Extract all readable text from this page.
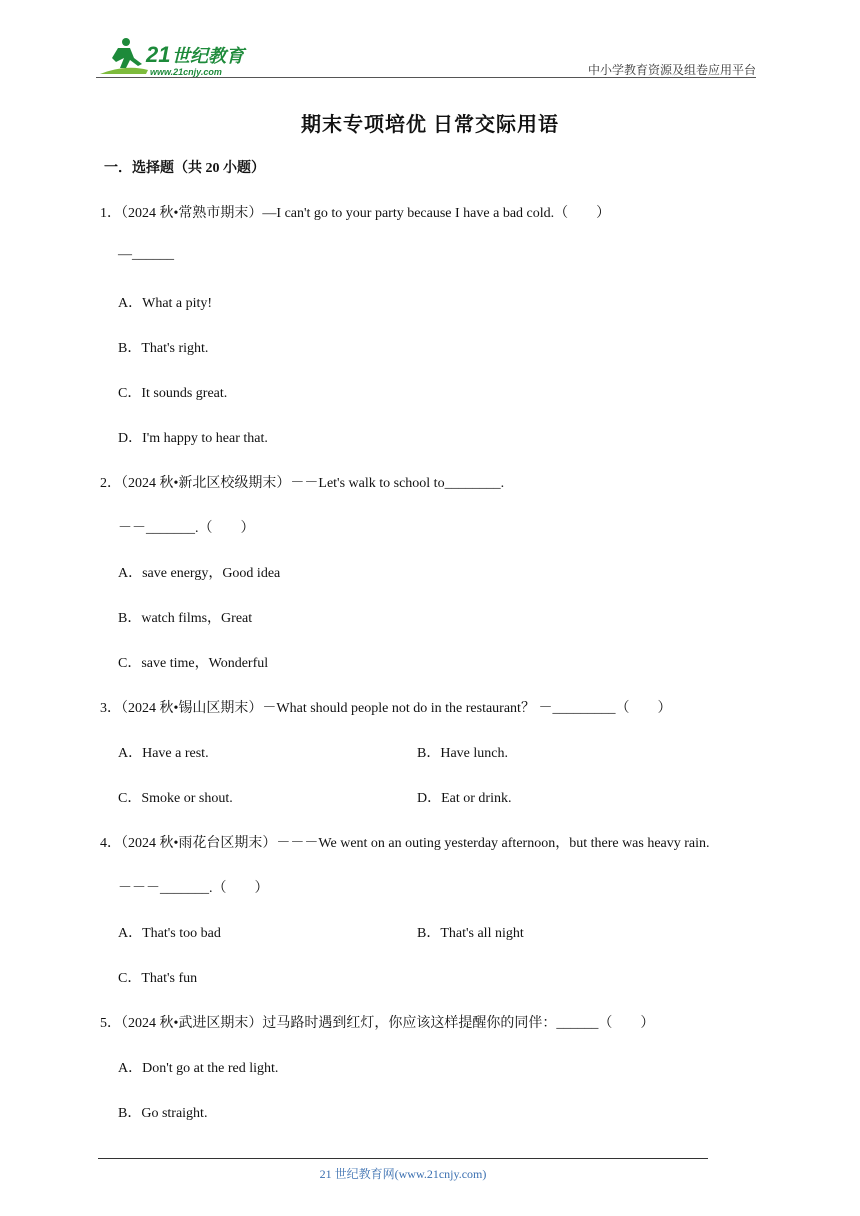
21 世纪教育
www.21cnjy.com	中小学教育资源及组卷应用平台
期末专项培优 日常交际用语
一．选择题（共 20 小题）
1．（2024 秋•常熟市期末）—I can't go to your party because I have a bad cold.（　　）
—______
A．What a pity!
B．That's right.
C．It sounds great.
D．I'm happy to hear that.
2．（2024 秋•新北区校级期末）－－Let's walk to school to________.
－－_______.（　　）
A．save energy，Good idea
B．watch films，Great
C．save time，Wonderful
3．（2024 秋•锡山区期末）－What should people not do in the restaurant？ －_________（　　）
A．Have a rest.	B．Have lunch.
C．Smoke or shout.	D．Eat or drink.
4．（2024 秋•雨花台区期末）－－－We went on an outing yesterday afternoon，but there was heavy rain.
－－－_______.（　　）
A．That's too bad	B．That's all night
C．That's fun
5．（2024 秋•武进区期末）过马路时遇到红灯，你应该这样提醒你的同伴：______（　　）
A．Don't go at the red light.
B．Go straight.
21 世纪教育网(www.21cnjy.com)
